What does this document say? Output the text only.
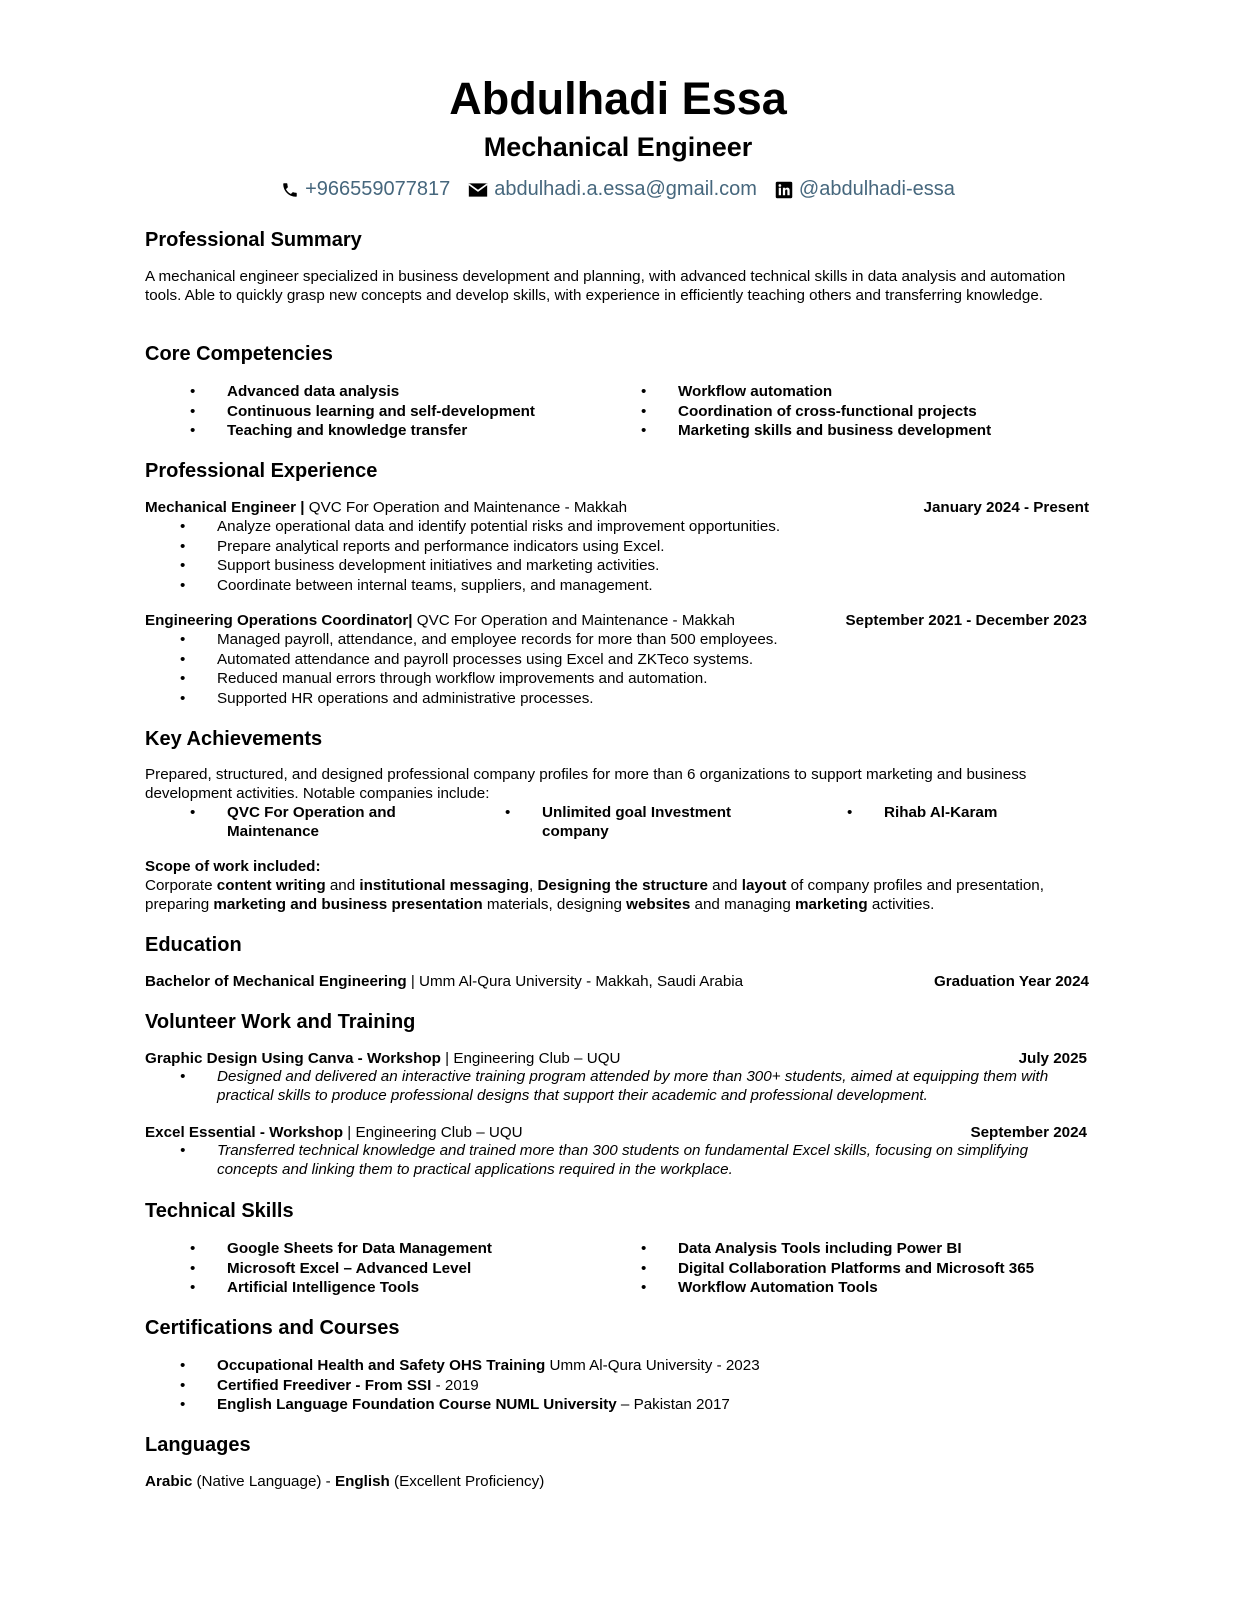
Abdulhadi Essa
Mechanical Engineer
+966559077817 abdulhadi.a.essa@gmail.com @abdulhadi-essa
Professional Summary

A mechanical engineer specialized in business development and planning, with advanced technical skills in data analysis and automation tools. Able to quickly grasp new concepts and develop skills, with experience in efficiently teaching others and transferring knowledge.

Core Competencies
• Advanced data analysis
• Continuous learning and self-development
• Teaching and knowledge transfer
• Workflow automation
• Coordination of cross-functional projects
• Marketing skills and business development
Professional Experience
Mechanical Engineer | QVC For Operation and Maintenance - Makkah	January 2024 - Present
• Analyze operational data and identify potential risks and improvement opportunities.
• Prepare analytical reports and performance indicators using Excel.
• Support business development initiatives and marketing activities.
• Coordinate between internal teams, suppliers, and management.
Engineering Operations Coordinator| QVC For Operation and Maintenance - Makkah	September 2021 - December 2023
• Managed payroll, attendance, and employee records for more than 500 employees.
• Automated attendance and payroll processes using Excel and ZKTeco systems.
• Reduced manual errors through workflow improvements and automation.
• Supported HR operations and administrative processes.
Key Achievements

Prepared, structured, and designed professional company profiles for more than 6 organizations to support marketing and business development activities. Notable companies include:

• QVC For Operation and Maintenance
• Unlimited goal Investment company
• Rihab Al-Karam
Scope of work included:

Corporate content writing and institutional messaging, Designing the structure and layout of company profiles and presentation, preparing marketing and business presentation materials, designing websites and managing marketing activities.

Education
Bachelor of Mechanical Engineering | Umm Al-Qura University - Makkah, Saudi Arabia	Graduation Year 2024
Volunteer Work and Training
Graphic Design Using Canva - Workshop | Engineering Club – UQU	July 2025
• Designed and delivered an interactive training program attended by more than 300+ students, aimed at equipping them with practical skills to produce professional designs that support their academic and professional development.
Excel Essential - Workshop | Engineering Club – UQU	September 2024
• Transferred technical knowledge and trained more than 300 students on fundamental Excel skills, focusing on simplifying concepts and linking them to practical applications required in the workplace.
Technical Skills
• Google Sheets for Data Management
• Microsoft Excel – Advanced Level
• Artificial Intelligence Tools
• Data Analysis Tools including Power BI
• Digital Collaboration Platforms and Microsoft 365
• Workflow Automation Tools
Certifications and Courses
• Occupational Health and Safety OHS Training Umm Al-Qura University - 2023
• Certified Freediver - From SSI - 2019
• English Language Foundation Course NUML University – Pakistan 2017
Languages
Arabic (Native Language) - English (Excellent Proficiency)
